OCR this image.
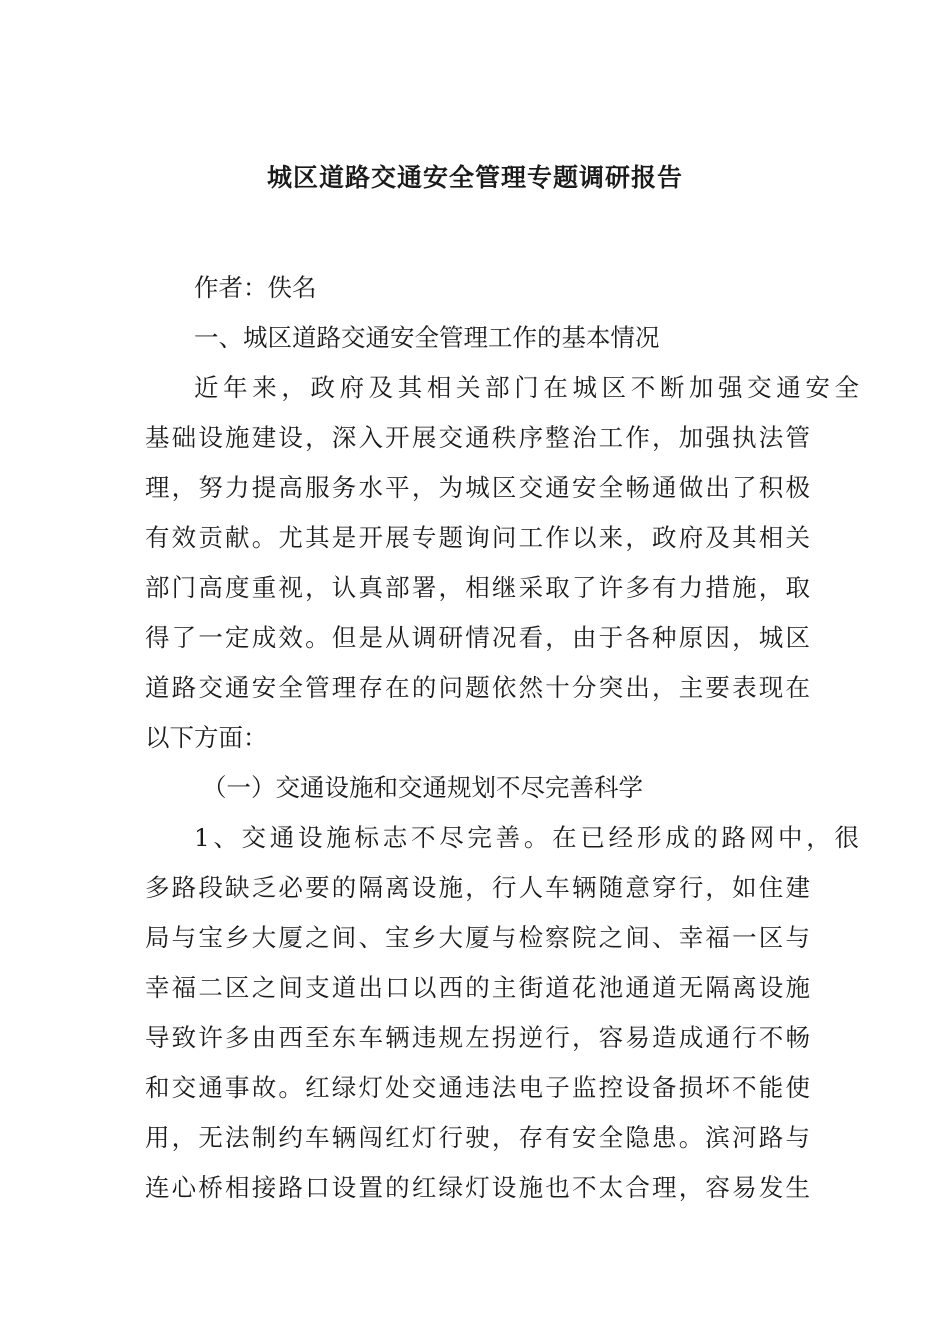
城区道路交通安全管理专题调研报告
作者：佚名
一、城区道路交通安全管理工作的基本情况
近年来，政府及其相关部门在城区不断加强交通安全
基础设施建设，深入开展交通秩序整治工作，加强执法管
理，努力提高服务水平，为城区交通安全畅通做出了积极
有效贡献。尤其是开展专题询问工作以来，政府及其相关
部门高度重视，认真部署，相继采取了许多有力措施，取
得了一定成效。但是从调研情况看，由于各种原因，城区
道路交通安全管理存在的问题依然十分突出，主要表现在
以下方面：
（一）交通设施和交通规划不尽完善科学
1、交通设施标志不尽完善。在已经形成的路网中，很
多路段缺乏必要的隔离设施，行人车辆随意穿行，如住建
局与宝乡大厦之间、宝乡大厦与检察院之间、幸福一区与
幸福二区之间支道出口以西的主街道花池通道无隔离设施
导致许多由西至东车辆违规左拐逆行，容易造成通行不畅
和交通事故。红绿灯处交通违法电子监控设备损坏不能使
用，无法制约车辆闯红灯行驶，存有安全隐患。滨河路与
连心桥相接路口设置的红绿灯设施也不太合理，容易发生
